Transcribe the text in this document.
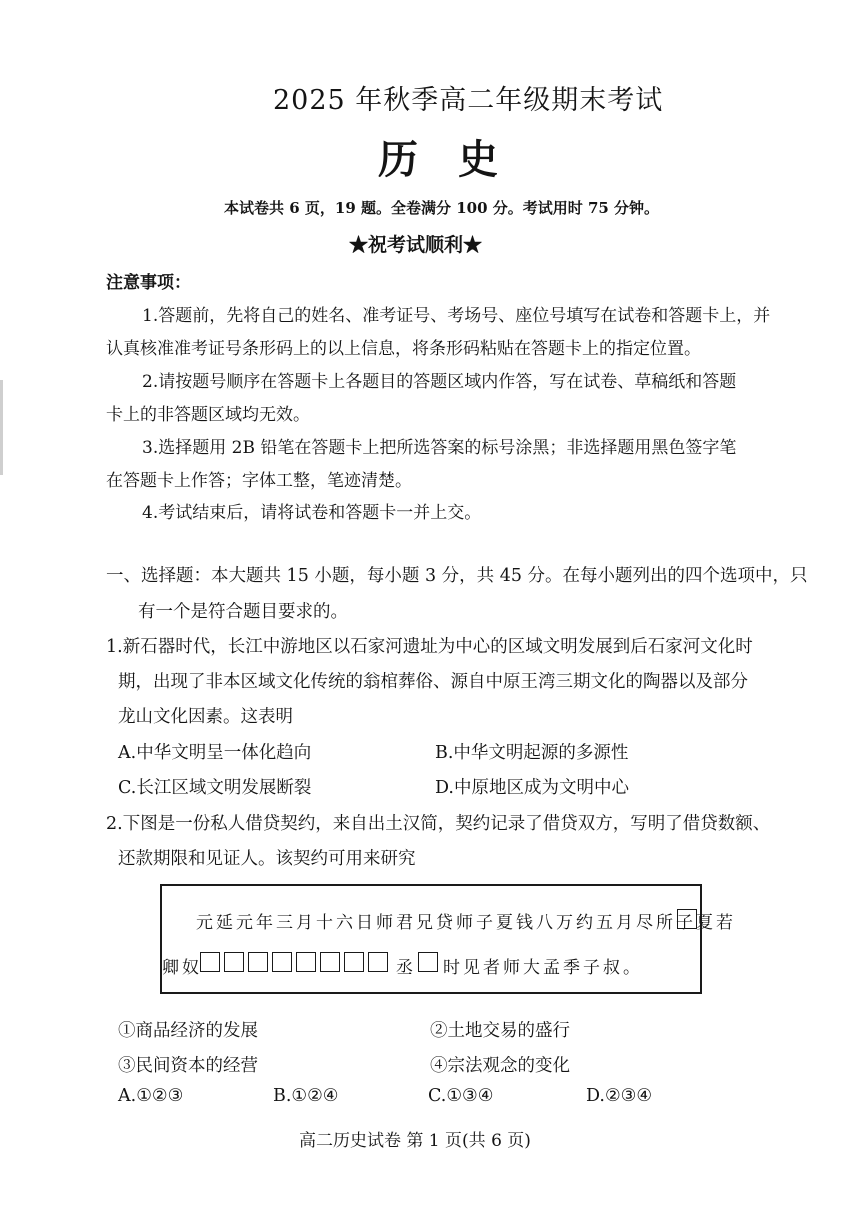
2025 年秋季高二年级期末考试
历史
本试卷共 6 页，19 题。全卷满分 100 分。考试用时 75 分钟。
★祝考试顺利★
注意事项：
1.答题前，先将自己的姓名、准考证号、考场号、座位号填写在试卷和答题卡上，并
认真核准准考证号条形码上的以上信息，将条形码粘贴在答题卡上的指定位置。
2.请按题号顺序在答题卡上各题目的答题区域内作答，写在试卷、草稿纸和答题
卡上的非答题区域均无效。
3.选择题用 2B 铅笔在答题卡上把所选答案的标号涂黑；非选择题用黑色签字笔
在答题卡上作答；字体工整，笔迹清楚。
4.考试结束后，请将试卷和答题卡一并上交。
一、选择题：本大题共 15 小题，每小题 3 分，共 45 分。在每小题列出的四个选项中，只
有一个是符合题目要求的。
1.新石器时代，长江中游地区以石家河遗址为中心的区域文明发展到后石家河文化时
期，出现了非本区域文化传统的翁棺葬俗、源自中原王湾三期文化的陶器以及部分
龙山文化因素。这表明
A.中华文明呈一体化趋向	B.中华文明起源的多源性
C.长江区域文明发展断裂	D.中原地区成为文明中心
2.下图是一份私人借贷契约，来自出土汉简，契约记录了借贷双方，写明了借贷数额、
还款期限和见证人。该契约可用来研究
元延元年三月十六日师君兄贷师子夏钱八万约五月尽所子夏若
卿奴	丞 时见者师大孟季子叔。
①商品经济的发展	②土地交易的盛行
③民间资本的经营	④宗法观念的变化
A.①②③	B.①②④	C.①③④	D.②③④
高二历史试卷 第 1 页(共 6 页)
